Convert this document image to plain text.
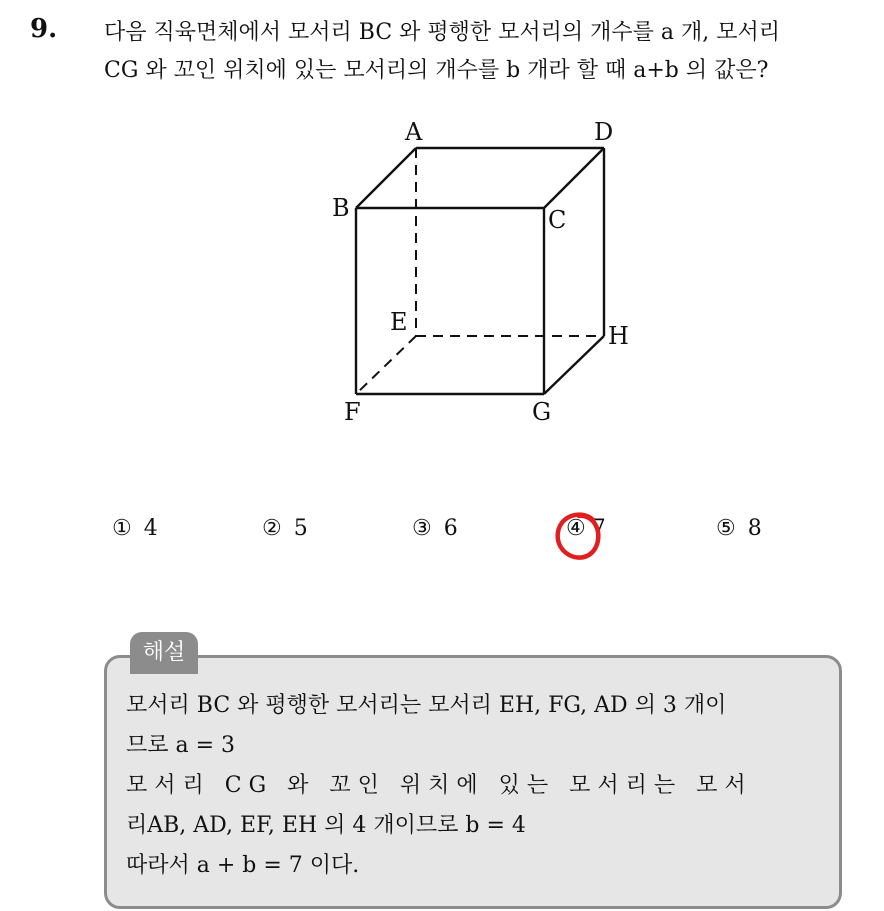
9. 다음 직육면체에서 모서리 BC 와 평행한 모서리의 개수를 a 개, 모서리
CG 와 꼬인 위치에 있는 모서리의 개수를 b 개라 할 때 a+b 의 값은?
A	D
B	C
E	H
F	G
① 4	② 5	③ 6	④ 7	⑤ 8
해설
모서리 BC 와 평행한 모서리는 모서리 EH, FG, AD 의 3 개이
므로 a = 3
모서리 CG 와 꼬인 위치에 있는 모서리는 모서
리AB, AD, EF, EH 의 4 개이므로 b = 4
따라서 a + b = 7 이다.
